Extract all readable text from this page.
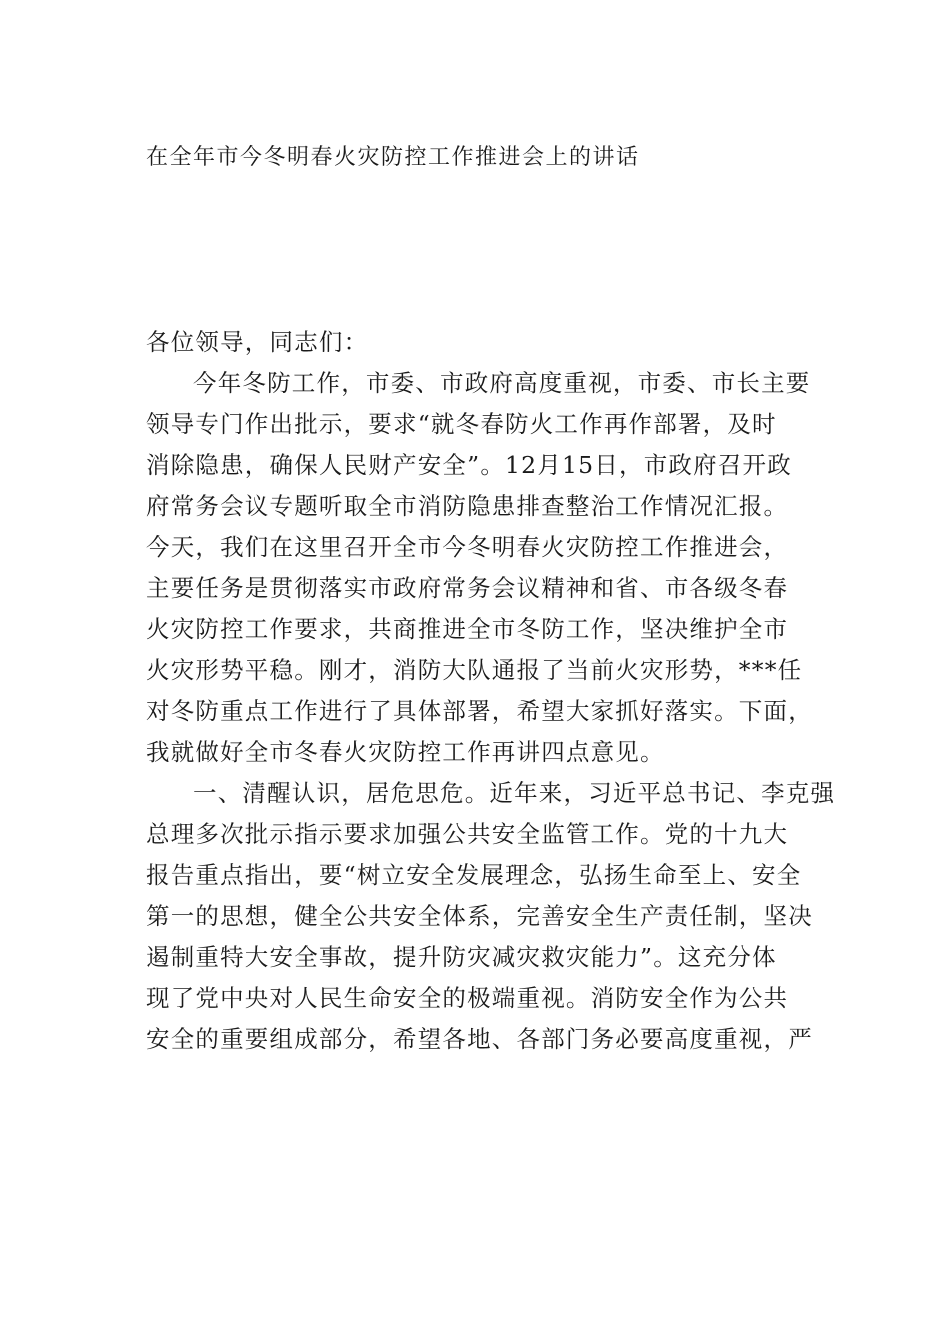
在全年市今冬明春火灾防控工作推进会上的讲话
各位领导，同志们：
今年冬防工作，市委、市政府高度重视，市委、市长主要
领导专门作出批示，要求“就冬春防火工作再作部署，及时
消除隐患，确保人民财产安全”。12月15日，市政府召开政
府常务会议专题听取全市消防隐患排查整治工作情况汇报。
今天，我们在这里召开全市今冬明春火灾防控工作推进会，
主要任务是贯彻落实市政府常务会议精神和省、市各级冬春
火灾防控工作要求，共商推进全市冬防工作，坚决维护全市
火灾形势平稳。刚才，消防大队通报了当前火灾形势，***任
对冬防重点工作进行了具体部署，希望大家抓好落实。下面，
我就做好全市冬春火灾防控工作再讲四点意见。
一、清醒认识，居危思危。近年来，习近平总书记、李克强
总理多次批示指示要求加强公共安全监管工作。党的十九大
报告重点指出，要“树立安全发展理念，弘扬生命至上、安全
第一的思想，健全公共安全体系，完善安全生产责任制，坚决
遏制重特大安全事故，提升防灾减灾救灾能力”。这充分体
现了党中央对人民生命安全的极端重视。消防安全作为公共
安全的重要组成部分，希望各地、各部门务必要高度重视，严
